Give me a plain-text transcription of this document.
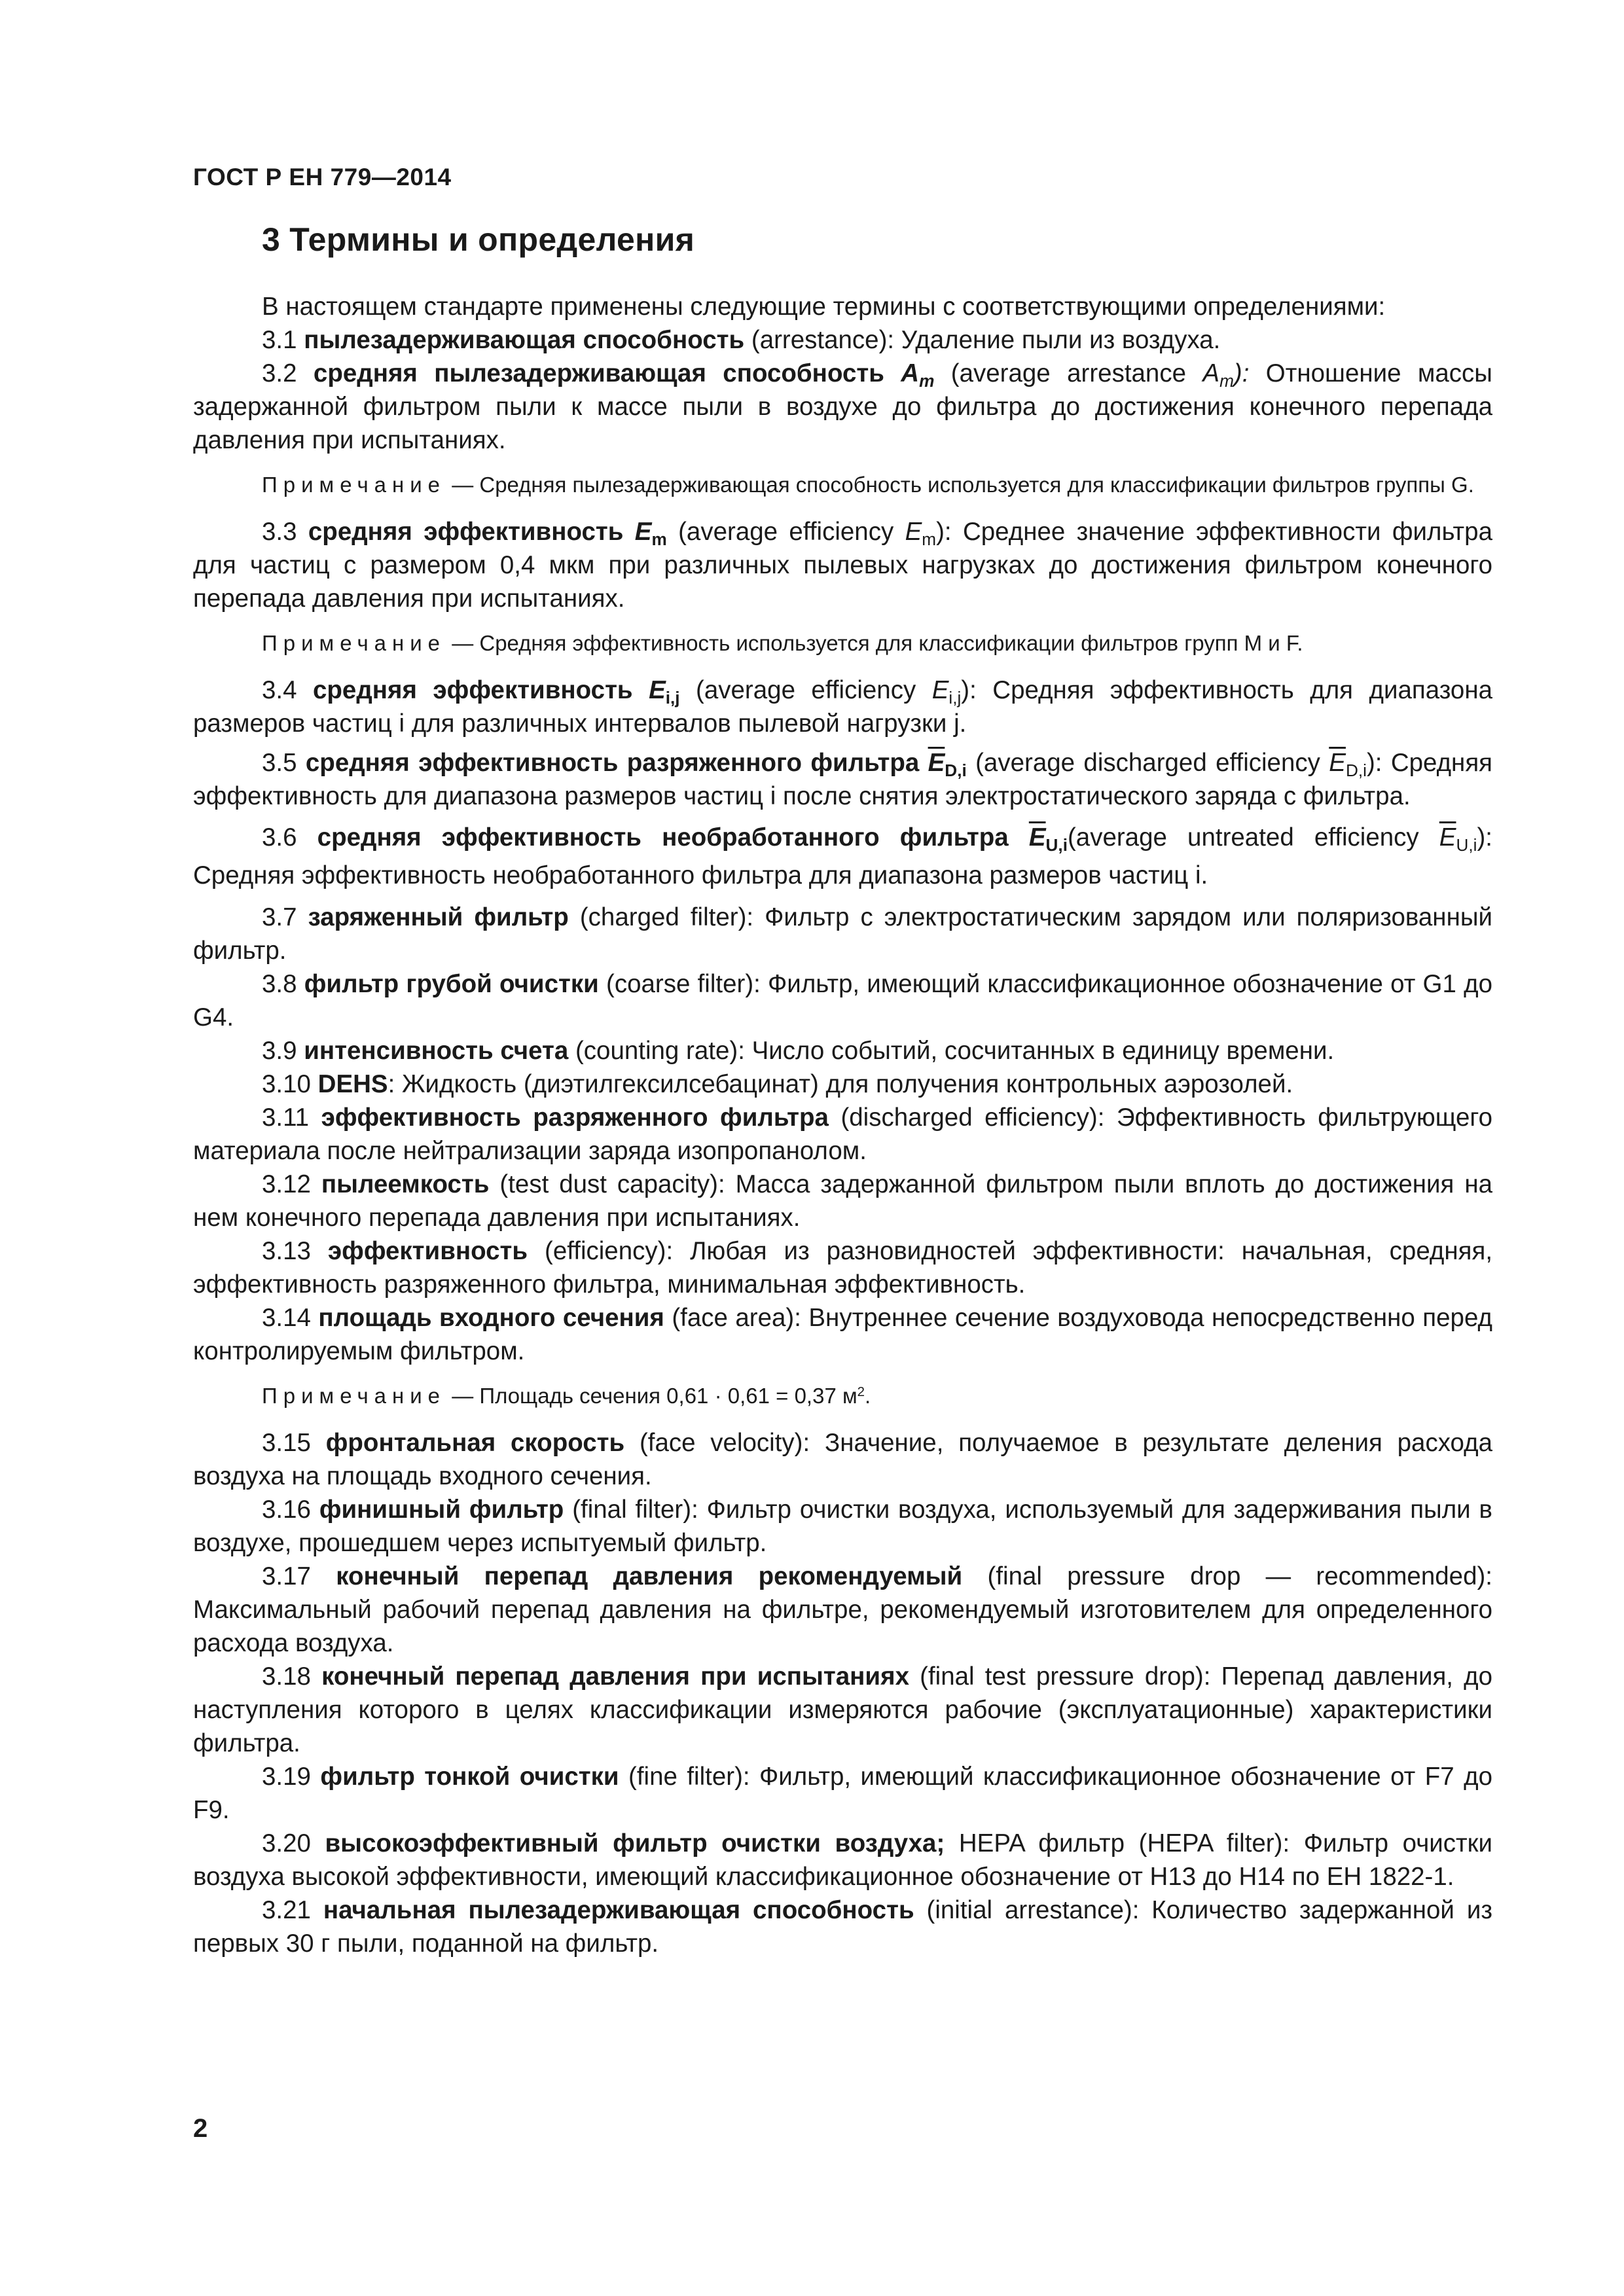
ГОСТ Р ЕН 779—2014
3 Термины и определения

В настоящем стандарте применены следующие термины с соответствующими определениями:

3.1 пылезадерживающая способность (arrestance): Удаление пыли из воздуха.

3.2 средняя пылезадерживающая способность $A_m$ (average arrestance $A_m$): Отношение массы задержанной фильтром пыли к массе пыли в воздухе до фильтра до достижения конечного перепада давления при испытаниях.

Примечание — Средняя пылезадерживающая способность используется для классификации фильтров группы G.

3.3 средняя эффективность $E_m$ (average efficiency $E_m$): Среднее значение эффективности фильтра для частиц с размером 0,4 мкм при различных пылевых нагрузках до достижения фильтром конечного перепада давления при испытаниях.

Примечание — Средняя эффективность используется для классификации фильтров групп M и F.

3.4 средняя эффективность $E_{i,j}$ (average efficiency $E_{i,j}$): Средняя эффективность для диапазона размеров частиц i для различных интервалов пылевой нагрузки j.

3.5 средняя эффективность разряженного фильтра $\overline{E}_{D,i}$ (average discharged efficiency $\overline{E}_{D,i}$): Средняя эффективность для диапазона размеров частиц i после снятия электростатического заряда с фильтра.

3.6 средняя эффективность необработанного фильтра $\overline{E}_{U,i}(average$ untreated efficiency $\overline{E}_{U,i}$): Средняя эффективность необработанного фильтра для диапазона размеров частиц i.

3.7 заряженный фильтр (charged filter): Фильтр с электростатическим зарядом или поляризованный фильтр.

3.8 фильтр грубой очистки (coarse filter): Фильтр, имеющий классификационное обозначение от G1 до G4.

3.9 интенсивность счета (counting rate): Число событий, сосчитанных в единицу времени.

3.10 DEHS: Жидкость (диэтилгексилсебацинат) для получения контрольных аэрозолей.

3.11 эффективность разряженного фильтра (discharged efficiency): Эффективность фильтрующего материала после нейтрализации заряда изопропанолом.

3.12 пылеемкость (test dust capacity): Масса задержанной фильтром пыли вплоть до достижения на нем конечного перепада давления при испытаниях.

3.13 эффективность (efficiency): Любая из разновидностей эффективности: начальная, средняя, эффективность разряженного фильтра, минимальная эффективность.

3.14 площадь входного сечения (face area): Внутреннее сечение воздуховода непосредственно перед контролируемым фильтром.

Примечание — Площадь сечения 0,61 · 0,61 = 0,37 $м^2$.

3.15 фронтальная скорость (face velocity): Значение, получаемое в результате деления расхода воздуха на площадь входного сечения.

3.16 финишный фильтр (final filter): Фильтр очистки воздуха, используемый для задерживания пыли в воздухе, прошедшем через испытуемый фильтр.

3.17 конечный перепад давления рекомендуемый (final pressure drop — recommended): Максимальный рабочий перепад давления на фильтре, рекомендуемый изготовителем для определенного расхода воздуха.

3.18 конечный перепад давления при испытаниях (final test pressure drop): Перепад давления, до наступления которого в целях классификации измеряются рабочие (эксплуатационные) характеристики фильтра.

3.19 фильтр тонкой очистки (fine filter): Фильтр, имеющий классификационное обозначение от F7 до F9.

3.20 высокоэффективный фильтр очистки воздуха; HEPA фильтр (HEPA filter): Фильтр очистки воздуха высокой эффективности, имеющий классификационное обозначение от H13 до H14 по ЕН 1822-1.

3.21 начальная пылезадерживающая способность (initial arrestance): Количество задержанной из первых 30 г пыли, поданной на фильтр.

2
